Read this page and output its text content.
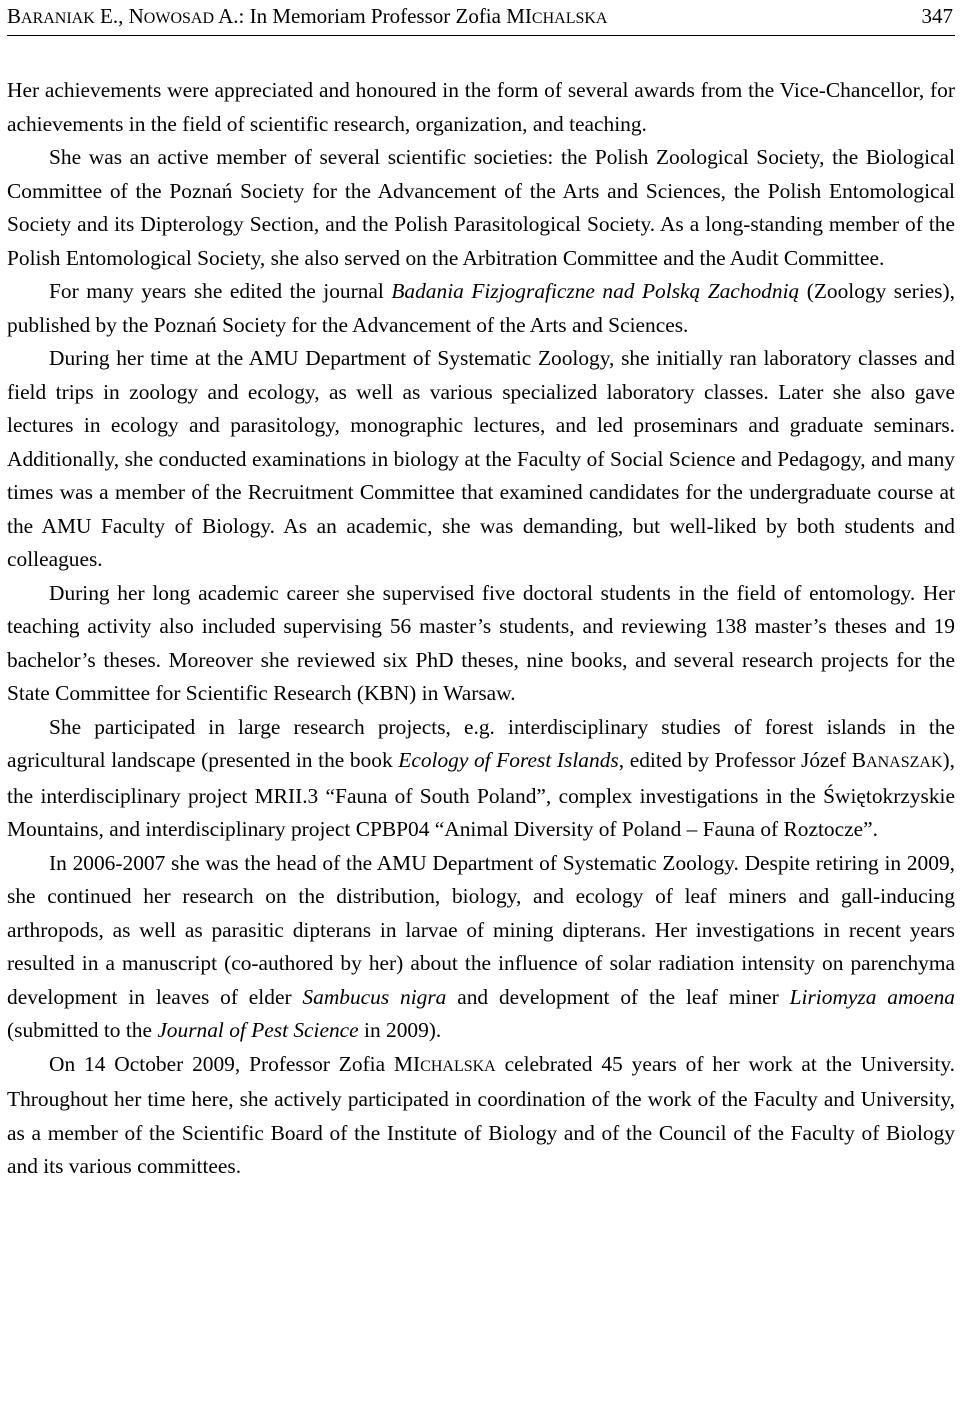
BARANIAK E., NOWOSAD A.: In Memoriam Professor Zofia MICHALSKA	347

Her achievements were appreciated and honoured in the form of several awards from the Vice-Chancellor, for achievements in the field of scientific research, organization, and teaching.

She was an active member of several scientific societies: the Polish Zoological Society, the Biological Committee of the Poznań Society for the Advancement of the Arts and Sciences, the Polish Entomological Society and its Dipterology Section, and the Polish Parasitological Society. As a long-standing member of the Polish Entomological Society, she also served on the Arbitration Committee and the Audit Committee.

For many years she edited the journal Badania Fizjograficzne nad Polską Zachodnią (Zoology series), published by the Poznań Society for the Advancement of the Arts and Sciences.

During her time at the AMU Department of Systematic Zoology, she initially ran laboratory classes and field trips in zoology and ecology, as well as various specialized laboratory classes. Later she also gave lectures in ecology and parasitology, monographic lectures, and led proseminars and graduate seminars. Additionally, she conducted examinations in biology at the Faculty of Social Science and Pedagogy, and many times was a member of the Recruitment Committee that examined candidates for the undergraduate course at the AMU Faculty of Biology. As an academic, she was demanding, but well-liked by both students and colleagues.

During her long academic career she supervised five doctoral students in the field of entomology. Her teaching activity also included supervising 56 master’s students, and reviewing 138 master’s theses and 19 bachelor’s theses. Moreover she reviewed six PhD theses, nine books, and several research projects for the State Committee for Scientific Research (KBN) in Warsaw.

She participated in large research projects, e.g. interdisciplinary studies of forest islands in the agricultural landscape (presented in the book Ecology of Forest Islands, edited by Professor Józef BANASZAK), the interdisciplinary project MRII.3 “Fauna of South Poland”, complex investigations in the Świętokrzyskie Mountains, and interdisciplinary project CPBP04 “Animal Diversity of Poland – Fauna of Roztocze”.

In 2006-2007 she was the head of the AMU Department of Systematic Zoology. Despite retiring in 2009, she continued her research on the distribution, biology, and ecology of leaf miners and gall-inducing arthropods, as well as parasitic dipterans in larvae of mining dipterans. Her investigations in recent years resulted in a manuscript (co-authored by her) about the influence of solar radiation intensity on parenchyma development in leaves of elder Sambucus nigra and development of the leaf miner Liriomyza amoena (submitted to the Journal of Pest Science in 2009).

On 14 October 2009, Professor Zofia MICHALSKA celebrated 45 years of her work at the University. Throughout her time here, she actively participated in coordination of the work of the Faculty and University, as a member of the Scientific Board of the Institute of Biology and of the Council of the Faculty of Biology and its various committees.
